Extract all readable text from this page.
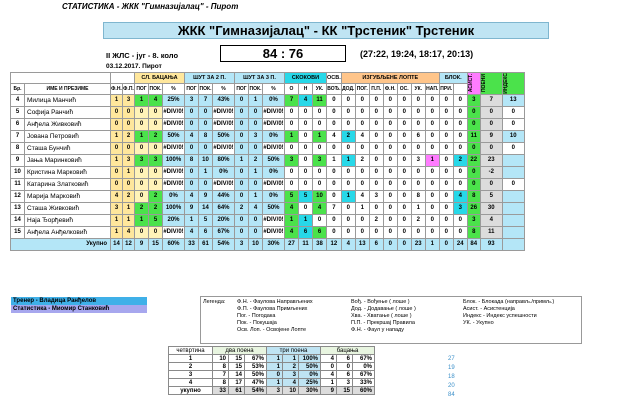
СТАТИСТИКА - ЖКК "Гимназијалац" - Пирот
ЖКК "Гимназијалац" - КК "Трстеник" Трстеник
II ЖЛС - југ - 8. коло
03.12.2017. Пирот
84 : 76	(27:22, 19:24, 18:17, 20:13)
				СЛ. БАЦАЊА			ШУТ ЗА 2 П.			ШУТ ЗА 3 П.			СКОКОВИ			ОСВ.	ИЗГУБЉЕНЕ ЛОПТЕ							БЛОК.		АСИСТ.	ПОЕНИ	ИНДЕКС

Бр.	ИМЕ И ПРЕЗИМЕ	Ф.Н.	Ф.П.	ПОГ	ПОК.	%	ПОГ	ПОК.	%	ПОГ	ПОК.	%	О	Н	УК.	ВОЂ.	ДОД.	ПОГ.	П.П.	Ф.Н.	ОС.	УК.	НАП.	ПРИ.				
4	Милица Манчић	1	3	1	4	25%	3	7	43%	0	1	0%	7	4	11	0	0	0	0	0	0	0	0	0	0	3	7	13
5	Софија Ранчић	0	0	0	0	#DIV/0!	0	0	#DIV/0!	0	0	#DIV/0!	0	0	0	0	0	0	0	0	0	0	0	0	0	0	0	0
6	Анђела Живковић	0	0	0	0	#DIV/0!	0	0	#DIV/0!	0	0	#DIV/0!	0	0	0	0	0	0	0	0	0	0	0	0	0	0	0	0
7	Јована Петровић	1	2	1	2	50%	4	8	50%	0	3	0%	1	0	1	4	2	4	0	0	0	6	0	0	0	11	9	10
8	Сташа Бунчић	0	0	0	0	#DIV/0!	0	0	#DIV/0!	0	0	#DIV/0!	0	0	0	0	0	0	0	0	0	0	0	0	0	0	0	0
9	Јања Маринковић	1	3	3	3	100%	8	10	80%	1	2	50%	3	0	3	1	1	2	0	0	0	3	1	0	2	22	23	
10	Кристина Марковић	0	1	0	0	#DIV/0!	0	1	0%	0	1	0%	0	0	0	0	0	0	0	0	0	0	0	0	0	0	-2	
11	Катарина Златковић	0	0	0	0	#DIV/0!	0	0	#DIV/0!	0	0	#DIV/0!	0	0	0	0	0	0	0	0	0	0	0	0	0	0	0	0
12	Марија Марковић	4	2	0	2	0%	4	9	44%	0	1	0%	5	5	10	0	1	4	3	0	0	8	0	0	4	8	5	
13	Сташа Живковић	3	1	2	2	100%	9	14	64%	2	4	50%	4	0	4	7	0	1	0	0	0	1	0	0	3	26	30	
14	Наја Ђорђевић	1	1	1	5	20%	1	5	20%	0	0	#DIV/0!	1	1	0	0	0	0	2	0	0	2	0	0	0	3	4	
15	Анђела Анђелковић	1	4	0	0	#DIV/0!	4	6	67%	0	0	#DIV/0!	4	6	6	0	0	0	0	0	0	0	0	0	0	8	11	
Укупно		14	12	9	15	60%	33	61	54%	3	10	30%	27	11	38	12	4	13	6	0	0	23	1	0	24	84	93	
Тренер - Владица Ранђелов
Статистика - Миомир Станковић
Легенда: Ф.Н. - Фаулова Направљених
Ф.П. - Фаулова Примљених
Пог. - Погодака
Пок. - Покушаја
Осв. Лоп. - Освојене Лопте
Вођ. - Вођење ( лоше )
Дод. - Додавање ( лоше )
Хва. - Хватање ( лоше )
П.П. - Прекршај Правила
Ф.Н. - Фаул у нападу
Блок. - Блокада (направљ./примљ.)
Асист. - Асистенција
Индекс - Индекс успешности
УК. - Укупно
четвртина	два поена			три поена			бацања		
1	10	15	67%	1	1	100%	4	6	67%
2	8	15	53%	1	2	50%	0	0	0%
3	7	14	50%	0	3	0%	4	6	67%
4	8	17	47%	1	4	25%	1	3	33%
укупно	33	61	54%	3	10	30%	9	15	60%
27
19
18
20
84
